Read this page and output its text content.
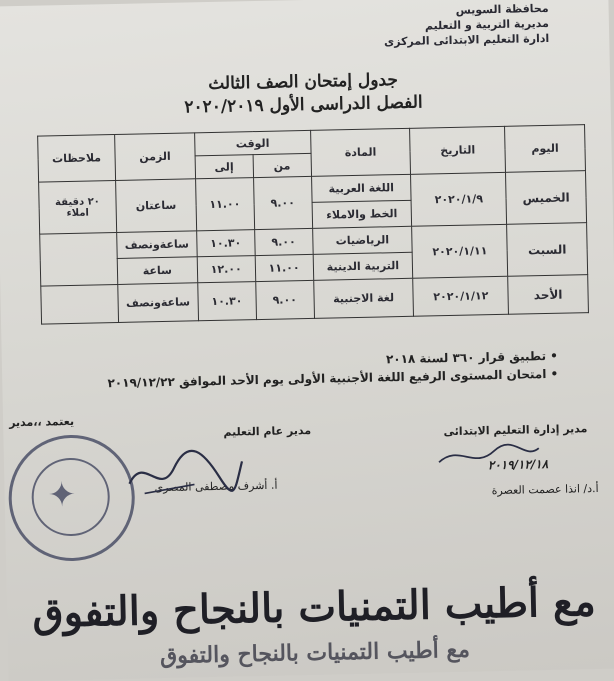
محافظة السويس
مديرية التربية و التعليم
ادارة التعليم الابتدائى المركزى
جدول إمتحان الصف الثالث
الفصل الدراسى الأول ٢٠٢٠/٢٠١٩
اليوم	التاريخ	المادة	الوقت		الزمن	ملاحظات
			من	إلى		
الخميس	٢٠٢٠/١/٩	اللغة العربية	٩.٠٠	١١.٠٠	ساعتان	٢٠ دقيقة املاء
		الخط والاملاء				
السبت	٢٠٢٠/١/١١	الرياضيات	٩.٠٠	١٠.٣٠	ساعةونصف	
		التربية الدينية	١١.٠٠	١٢.٠٠	ساعة	
الأحد	٢٠٢٠/١/١٢	لغة الاجنبية	٩.٠٠	١٠.٣٠	ساعةونصف	
• تطبيق قرار ٣٦٠ لسنة ٢٠١٨
• امتحان المستوى الرفيع اللغة الأجنبية الأولى يوم الأحد الموافق ٢٠١٩/١٢/٢٢
يعتمد ،،مدير
مدير عام التعليم
أ. أشرف مصطفى المصرى
مدير إدارة التعليم الابتدائى
أ.د/ انذا عصمت العصرة
٢٠١٩/١٢/١٨
✦
مع أطيب التمنيات بالنجاح والتفوق
مع أطيب التمنيات بالنجاح والتفوق
